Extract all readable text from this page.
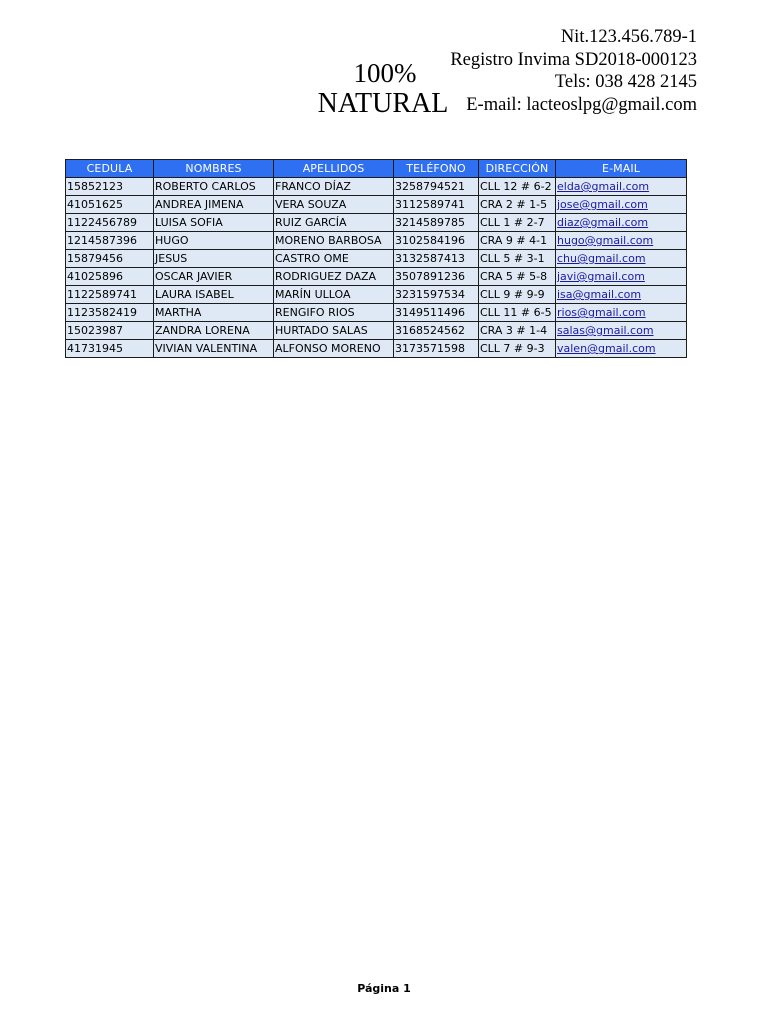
Nit.123.456.789-1
Registro Invima SD2018-000123
Tels: 038 428 2145
E-mail: lacteoslpg@gmail.com
100%
NATURAL
CEDULA	NOMBRES	APELLIDOS	TELÉFONO	DIRECCIÓN	E-MAIL
15852123	ROBERTO CARLOS	FRANCO DÍAZ	3258794521	CLL 12 # 6-2	elda@gmail.com
41051625	ANDREA JIMENA	VERA SOUZA	3112589741	CRA 2 # 1-5	jose@gmail.com
1122456789	LUISA SOFIA	RUIZ GARCÍA	3214589785	CLL 1 # 2-7	diaz@gmail.com
1214587396	HUGO	MORENO BARBOSA	3102584196	CRA 9 # 4-1	hugo@gmail.com
15879456	JESUS	CASTRO OME	3132587413	CLL 5 # 3-1	chu@gmail.com
41025896	OSCAR JAVIER	RODRIGUEZ DAZA	3507891236	CRA 5 # 5-8	javi@gmail.com
1122589741	LAURA ISABEL	MARÍN ULLOA	3231597534	CLL 9 # 9-9	isa@gmail.com
1123582419	MARTHA	RENGIFO RIOS	3149511496	CLL 11 # 6-5	rios@gmail.com
15023987	ZANDRA LORENA	HURTADO SALAS	3168524562	CRA 3 # 1-4	salas@gmail.com
41731945	VIVIAN VALENTINA	ALFONSO MORENO	3173571598	CLL 7 # 9-3	valen@gmail.com
Página 1
